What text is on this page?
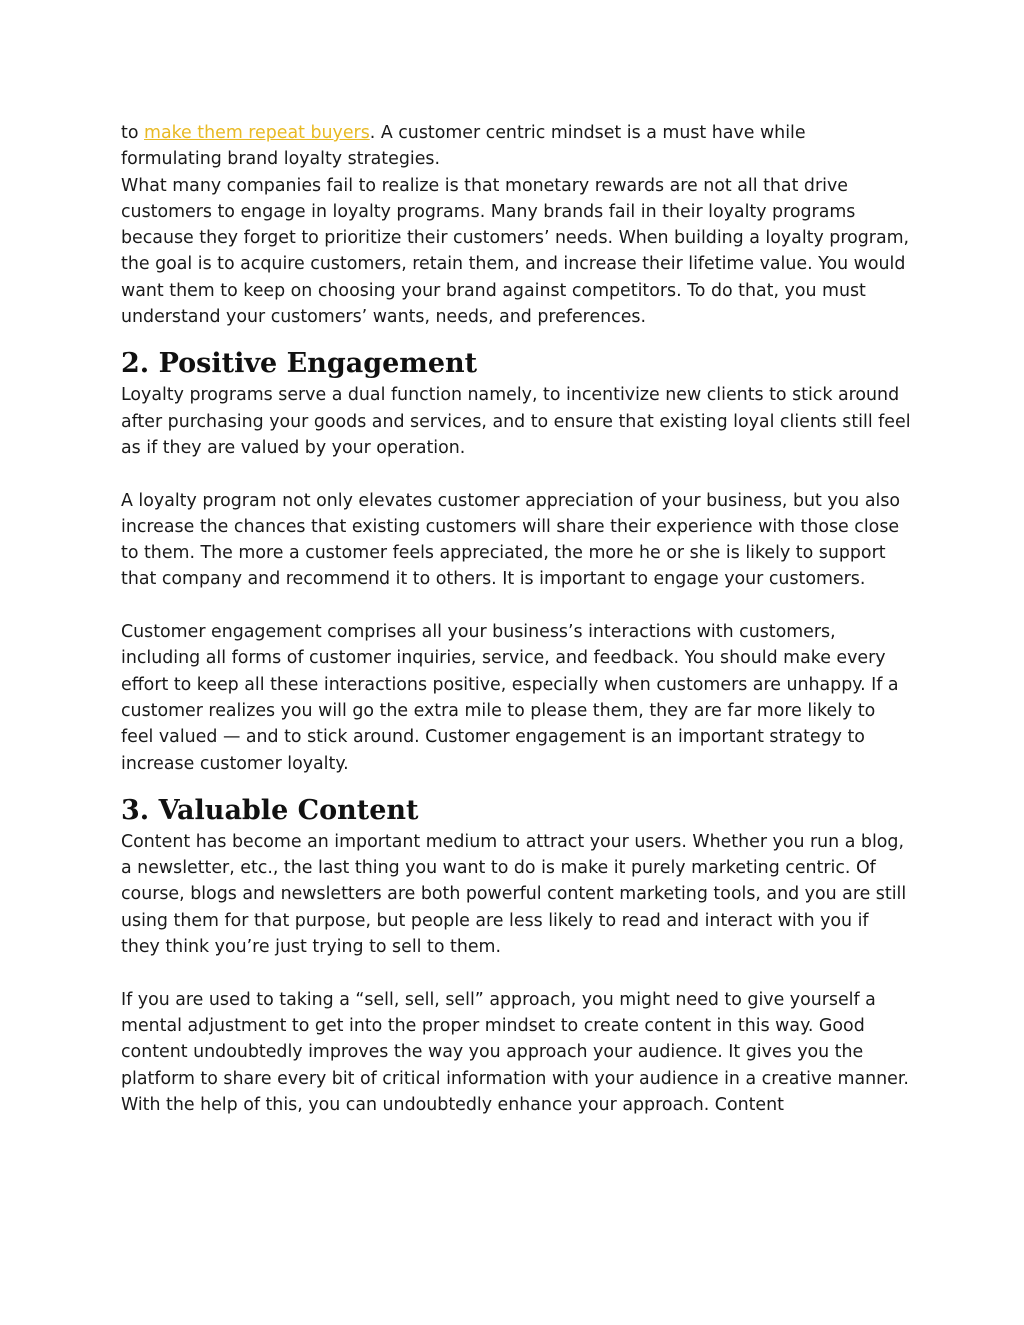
to make them repeat buyers. A customer centric mindset is a must have while formulating brand loyalty strategies.

What many companies fail to realize is that monetary rewards are not all that drive customers to engage in loyalty programs. Many brands fail in their loyalty programs because they forget to prioritize their customers’ needs. When building a loyalty program, the goal is to acquire customers, retain them, and increase their lifetime value. You would want them to keep on choosing your brand against competitors. To do that, you must understand your customers’ wants, needs, and preferences.

2. Positive Engagement

Loyalty programs serve a dual function namely, to incentivize new clients to stick around after purchasing your goods and services, and to ensure that existing loyal clients still feel as if they are valued by your operation.

A loyalty program not only elevates customer appreciation of your business, but you also increase the chances that existing customers will share their experience with those close to them. The more a customer feels appreciated, the more he or she is likely to support that company and recommend it to others. It is important to engage your customers.

Customer engagement comprises all your business’s interactions with customers, including all forms of customer inquiries, service, and feedback. You should make every effort to keep all these interactions positive, especially when customers are unhappy. If a customer realizes you will go the extra mile to please them, they are far more likely to feel valued — and to stick around. Customer engagement is an important strategy to increase customer loyalty.

3. Valuable Content

Content has become an important medium to attract your users. Whether you run a blog, a newsletter, etc., the last thing you want to do is make it purely marketing centric. Of course, blogs and newsletters are both powerful content marketing tools, and you are still using them for that purpose, but people are less likely to read and interact with you if they think you’re just trying to sell to them.

If you are used to taking a “sell, sell, sell” approach, you might need to give yourself a mental adjustment to get into the proper mindset to create content in this way. Good content undoubtedly improves the way you approach your audience. It gives you the platform to share every bit of critical information with your audience in a creative manner. With the help of this, you can undoubtedly enhance your approach. Content
